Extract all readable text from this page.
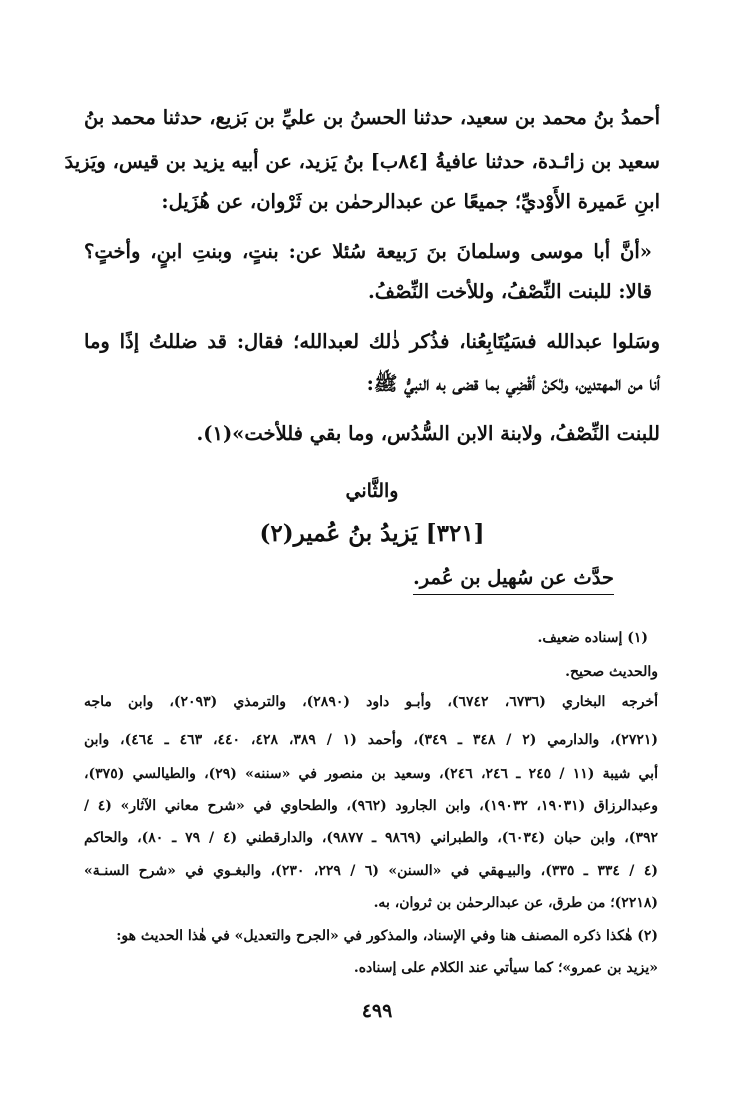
أحمدُ بنُ محمد بن سعيد، حدثنا الحسنُ بن عليِّ بن بَزيع، حدثنا محمد بنُ
سعيد بن زائـدة، حدثنا عافيةُ [٨٤ب] بنُ يَزيد، عن أبيه يزيد بن قيس، ويَزيدَ
ابنِ عَميرة الأَوْديِّ؛ جميعًا عن عبدالرحمٰن بن ثَرْوان، عن هُزَيل:
«أنَّ أبا موسى وسلمانَ بنَ رَبيعة سُئلا عن: بنتٍ، وبنتِ ابنٍ، وأختٍ؟
قالا: للبنت النِّصْفُ، وللأخت النِّصْفُ.
وسَلوا عبدالله فسَيُتَابِعُنا، فذُكر ذٰلك لعبدالله؛ فقال: قد ضللتُ إذًا وما
أنا من المهتدين، ولٰكنْ أقْضِي بما قضى به النبيُّ ﷺ:
للبنت النِّصْفُ، ولابنة الابن السُّدُس، وما بقي فللأخت»(١).
والثَّاني
[٣٢١] يَزيدُ بنُ عُمير(٢)
حدَّث عن سُهيل بن عُمر.
(١) إسناده ضعيف.
والحديث صحيح.
أخرجه البخاري (٦٧٣٦، ٦٧٤٢)، وأبـو داود (٢٨٩٠)، والترمذي (٢٠٩٣)، وابن ماجه
(٢٧٢١)، والدارمي (٢ / ٣٤٨ ـ ٣٤٩)، وأحمد (١ / ٣٨٩، ٤٢٨، ٤٤٠، ٤٦٣ ـ ٤٦٤)، وابن
أبي شيبة (١١ / ٢٤٥ ـ ٢٤٦، ٢٤٦)، وسعيد بن منصور في «سننه» (٢٩)، والطيالسي (٣٧٥)،
وعبدالرزاق (١٩٠٣١، ١٩٠٣٢)، وابن الجارود (٩٦٢)، والطحاوي في «شرح معاني الآثار» (٤ /
٣٩٢)، وابن حبان (٦٠٣٤)، والطبراني (٩٨٦٩ ـ ٩٨٧٧)، والدارقطني (٤ / ٧٩ ـ ٨٠)، والحاكم
(٤ / ٣٣٤ ـ ٣٣٥)، والبيـهقي في «السنن» (٦ / ٢٢٩، ٢٣٠)، والبغـوي في «شرح السنـة»
(٢٢١٨)؛ من طرق، عن عبدالرحمٰن بن ثروان، به.
(٢) هٰكذا ذكره المصنف هنا وفي الإسناد، والمذكور في «الجرح والتعديل» في هٰذا الحديث هو:
«يزيد بن عمرو»؛ كما سيأتي عند الكلام على إسناده.
٤٩٩
